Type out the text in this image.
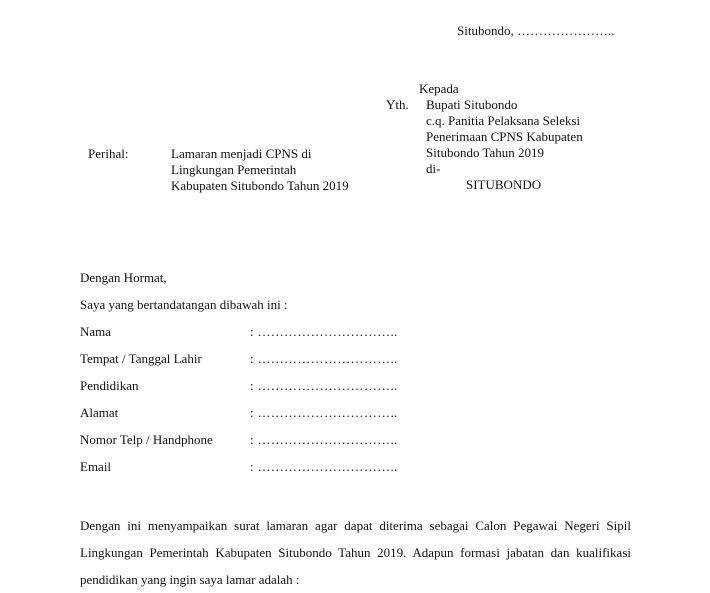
Situbondo, …………………..
Kepada
Yth. Bupati Situbondo
c.q. Panitia Pelaksana Seleksi
Penerimaan CPNS Kabupaten
Situbondo Tahun 2019
di-
SITUBONDO
Perihal:	Lamaran menjadi CPNS di
Lingkungan Pemerintah
Kabupaten Situbondo Tahun 2019
Dengan Hormat,
Saya yang bertandatangan dibawah ini :
Nama	: …………………………..
Tempat / Tanggal Lahir	: …………………………..
Pendidikan	: …………………………..
Alamat	: …………………………..
Nomor Telp / Handphone	: …………………………..
Email	: …………………………..
Dengan ini menyampaikan surat lamaran agar dapat diterima sebagai Calon Pegawai Negeri Sipil Lingkungan Pemerintah Kabupaten Situbondo Tahun 2019. Adapun formasi jabatan dan kualifikasi pendidikan yang ingin saya lamar adalah :
